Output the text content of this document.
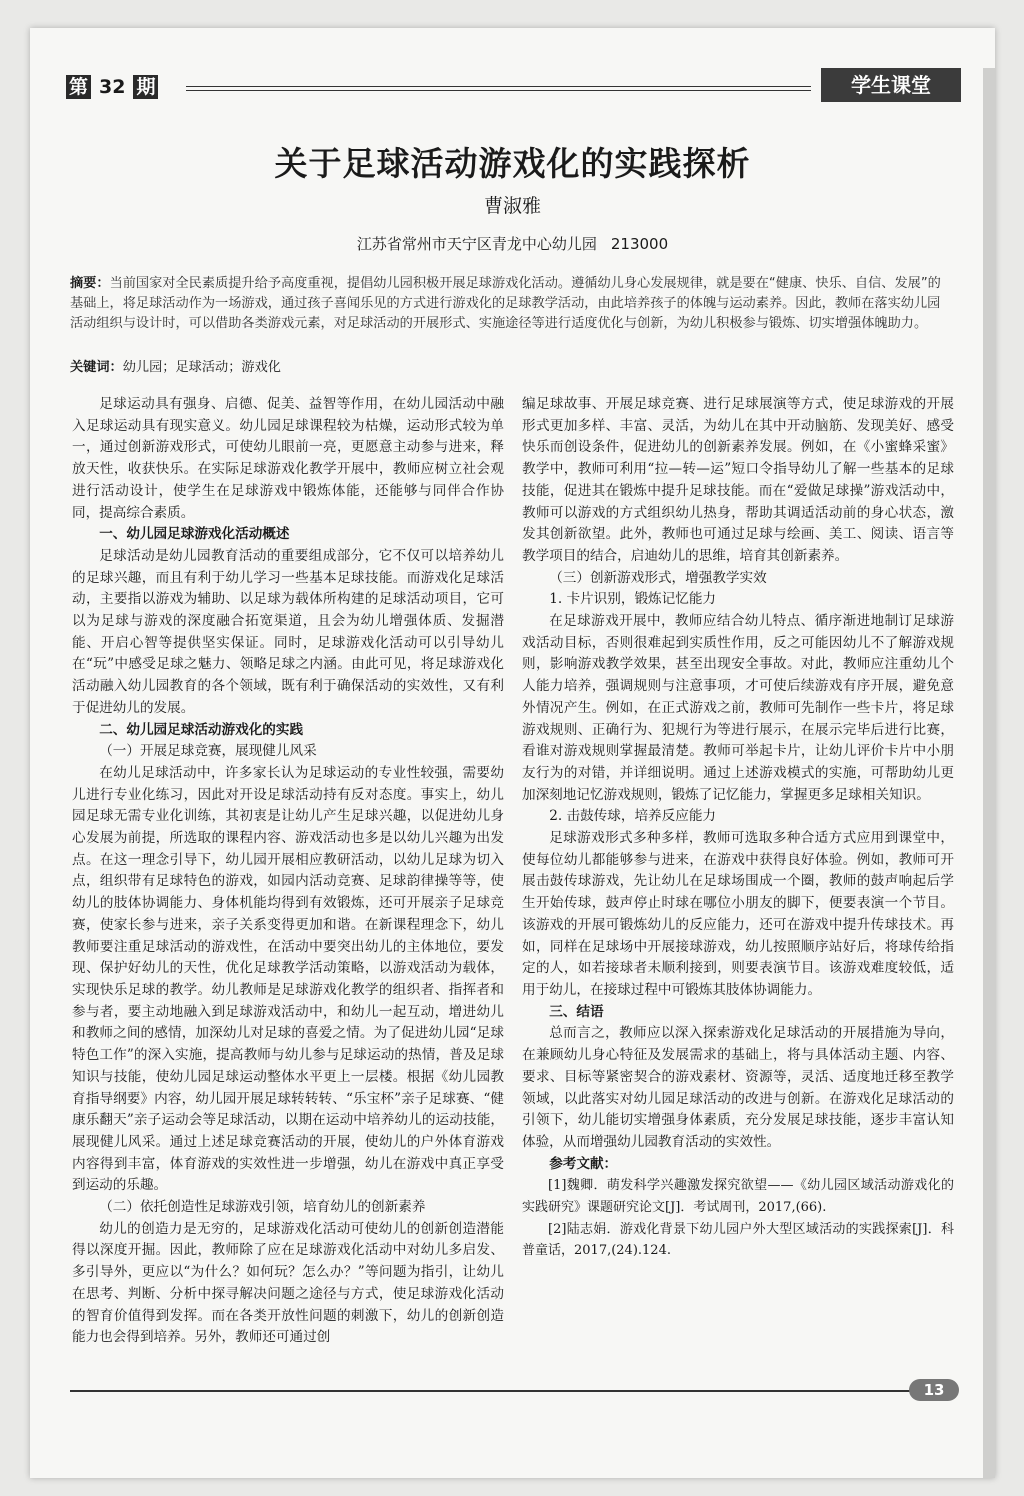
第 32 期	学生课堂
关于足球活动游戏化的实践探析
曹淑雅
江苏省常州市天宁区青龙中心幼儿园 213000
摘要：当前国家对全民素质提升给予高度重视，提倡幼儿园积极开展足球游戏化活动。遵循幼儿身心发展规律，就是要在“健康、快乐、自信、发展”的基础上，将足球活动作为一场游戏，通过孩子喜闻乐见的方式进行游戏化的足球教学活动，由此培养孩子的体魄与运动素养。因此，教师在落实幼儿园活动组织与设计时，可以借助各类游戏元素，对足球活动的开展形式、实施途径等进行适度优化与创新，为幼儿积极参与锻炼、切实增强体魄助力。
关键词：幼儿园；足球活动；游戏化

足球运动具有强身、启德、促美、益智等作用，在幼儿园活动中融入足球运动具有现实意义。幼儿园足球课程较为枯燥，运动形式较为单一，通过创新游戏形式，可使幼儿眼前一亮，更愿意主动参与进来，释放天性，收获快乐。在实际足球游戏化教学开展中，教师应树立社会观进行活动设计，使学生在足球游戏中锻炼体能，还能够与同伴合作协同，提高综合素质。

一、幼儿园足球游戏化活动概述

足球活动是幼儿园教育活动的重要组成部分，它不仅可以培养幼儿的足球兴趣，而且有利于幼儿学习一些基本足球技能。而游戏化足球活动，主要指以游戏为辅助、以足球为载体所构建的足球活动项目，它可以为足球与游戏的深度融合拓宽渠道，且会为幼儿增强体质、发掘潜能、开启心智等提供坚实保证。同时，足球游戏化活动可以引导幼儿在“玩”中感受足球之魅力、领略足球之内涵。由此可见，将足球游戏化活动融入幼儿园教育的各个领域，既有利于确保活动的实效性，又有利于促进幼儿的发展。

二、幼儿园足球活动游戏化的实践
（一）开展足球竞赛，展现健儿风采

在幼儿足球活动中，许多家长认为足球运动的专业性较强，需要幼儿进行专业化练习，因此对开设足球活动持有反对态度。事实上，幼儿园足球无需专业化训练，其初衷是让幼儿产生足球兴趣，以促进幼儿身心发展为前提，所选取的课程内容、游戏活动也多是以幼儿兴趣为出发点。在这一理念引导下，幼儿园开展相应教研活动，以幼儿足球为切入点，组织带有足球特色的游戏，如园内活动竞赛、足球韵律操等等，使幼儿的肢体协调能力、身体机能均得到有效锻炼，还可开展亲子足球竞赛，使家长参与进来，亲子关系变得更加和谐。在新课程理念下，幼儿教师要注重足球活动的游戏性，在活动中要突出幼儿的主体地位，要发现、保护好幼儿的天性，优化足球教学活动策略，以游戏活动为载体，实现快乐足球的教学。幼儿教师是足球游戏化教学的组织者、指挥者和参与者，要主动地融入到足球游戏活动中，和幼儿一起互动，增进幼儿和教师之间的感情，加深幼儿对足球的喜爱之情。为了促进幼儿园“足球特色工作”的深入实施，提高教师与幼儿参与足球运动的热情，普及足球知识与技能，使幼儿园足球运动整体水平更上一层楼。根据《幼儿园教育指导纲要》内容，幼儿园开展足球转转转、“乐宝杯”亲子足球赛、“健康乐翻天”亲子运动会等足球活动，以期在运动中培养幼儿的运动技能，展现健儿风采。通过上述足球竞赛活动的开展，使幼儿的户外体育游戏内容得到丰富，体育游戏的实效性进一步增强，幼儿在游戏中真正享受到运动的乐趣。

（二）依托创造性足球游戏引领，培育幼儿的创新素养

幼儿的创造力是无穷的，足球游戏化活动可使幼儿的创新创造潜能得以深度开掘。因此，教师除了应在足球游戏化活动中对幼儿多启发、多引导外，更应以“为什么？如何玩？怎么办？”等问题为指引，让幼儿在思考、判断、分析中探寻解决问题之途径与方式，使足球游戏化活动的智育价值得到发挥。而在各类开放性问题的刺激下，幼儿的创新创造能力也会得到培养。另外，教师还可通过创

编足球故事、开展足球竞赛、进行足球展演等方式，使足球游戏的开展形式更加多样、丰富、灵活，为幼儿在其中开动脑筋、发现美好、感受快乐而创设条件，促进幼儿的创新素养发展。例如，在《小蜜蜂采蜜》教学中，教师可利用“拉—转—运”短口令指导幼儿了解一些基本的足球技能，促进其在锻炼中提升足球技能。而在“爱做足球操”游戏活动中，教师可以游戏的方式组织幼儿热身，帮助其调适活动前的身心状态，激发其创新欲望。此外，教师也可通过足球与绘画、美工、阅读、语言等教学项目的结合，启迪幼儿的思维，培育其创新素养。

（三）创新游戏形式，增强教学实效
1. 卡片识别，锻炼记忆能力

在足球游戏开展中，教师应结合幼儿特点、循序渐进地制订足球游戏活动目标，否则很难起到实质性作用，反之可能因幼儿不了解游戏规则，影响游戏教学效果，甚至出现安全事故。对此，教师应注重幼儿个人能力培养，强调规则与注意事项，才可使后续游戏有序开展，避免意外情况产生。例如，在正式游戏之前，教师可先制作一些卡片，将足球游戏规则、正确行为、犯规行为等进行展示，在展示完毕后进行比赛，看谁对游戏规则掌握最清楚。教师可举起卡片，让幼儿评价卡片中小朋友行为的对错，并详细说明。通过上述游戏模式的实施，可帮助幼儿更加深刻地记忆游戏规则，锻炼了记忆能力，掌握更多足球相关知识。

2. 击鼓传球，培养反应能力

足球游戏形式多种多样，教师可选取多种合适方式应用到课堂中，使每位幼儿都能够参与进来，在游戏中获得良好体验。例如，教师可开展击鼓传球游戏，先让幼儿在足球场围成一个圈，教师的鼓声响起后学生开始传球，鼓声停止时球在哪位小朋友的脚下，便要表演一个节目。该游戏的开展可锻炼幼儿的反应能力，还可在游戏中提升传球技术。再如，同样在足球场中开展接球游戏，幼儿按照顺序站好后，将球传给指定的人，如若接球者未顺利接到，则要表演节目。该游戏难度较低，适用于幼儿，在接球过程中可锻炼其肢体协调能力。

三、结语

总而言之，教师应以深入探索游戏化足球活动的开展措施为导向，在兼顾幼儿身心特征及发展需求的基础上，将与具体活动主题、内容、要求、目标等紧密契合的游戏素材、资源等，灵活、适度地迁移至教学领域，以此落实对幼儿园足球活动的改进与创新。在游戏化足球活动的引领下，幼儿能切实增强身体素质，充分发展足球技能，逐步丰富认知体验，从而增强幼儿园教育活动的实效性。

参考文献：

[1]魏卿．萌发科学兴趣激发探究欲望——《幼儿园区域活动游戏化的实践研究》课题研究论文[J]．考试周刊，2017,(66).

[2]陆志娟．游戏化背景下幼儿园户外大型区域活动的实践探索[J]．科普童话，2017,(24).124.

13
